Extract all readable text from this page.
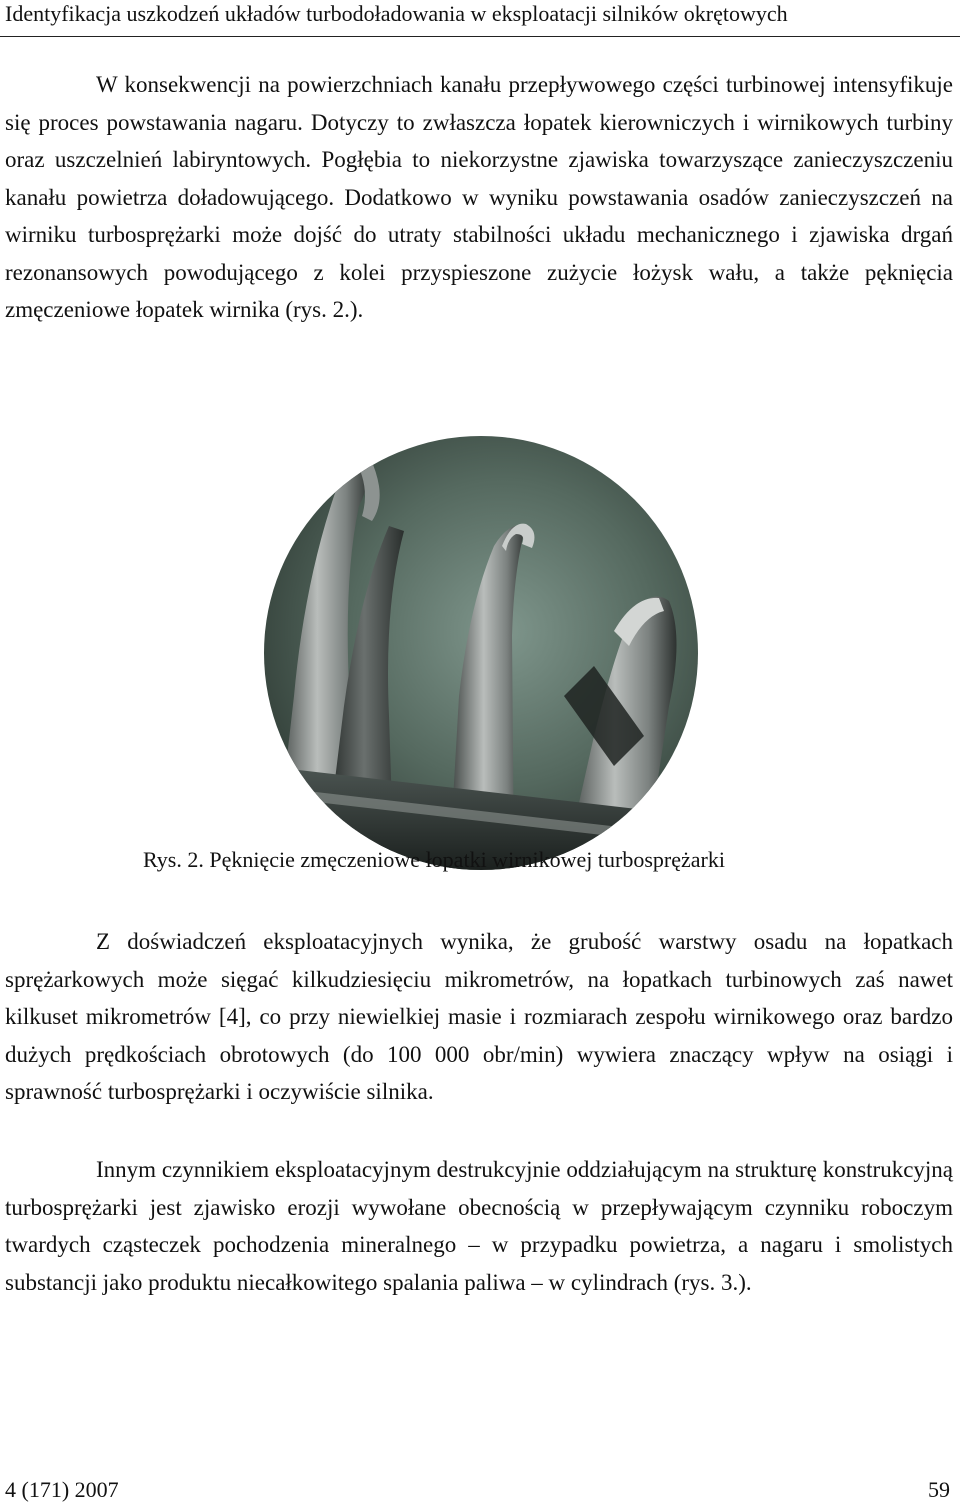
Identyfikacja uszkodzeń układów turbodoładowania w eksploatacji silników okrętowych

W konsekwencji na powierzchniach kanału przepływowego części turbinowej intensyfikuje się proces powstawania nagaru. Dotyczy to zwłaszcza łopatek kierowniczych i wirnikowych turbiny oraz uszczelnień labiryntowych. Pogłębia to niekorzystne zjawiska towarzyszące zanieczyszczeniu kanału powietrza doładowującego. Dodatkowo w wyniku powstawania osadów zanieczyszczeń na wirniku turbosprężarki może dojść do utraty stabilności układu mechanicznego i zjawiska drgań rezonansowych powodującego z kolei przyspieszone zużycie łożysk wału, a także pęknięcia zmęczeniowe łopatek wirnika (rys. 2.).

Rys. 2. Pęknięcie zmęczeniowe łopatki wirnikowej turbosprężarki

Z doświadczeń eksploatacyjnych wynika, że grubość warstwy osadu na łopatkach sprężarkowych może sięgać kilkudziesięciu mikrometrów, na łopatkach turbinowych zaś nawet kilkuset mikrometrów [4], co przy niewielkiej masie i rozmiarach zespołu wirnikowego oraz bardzo dużych prędkościach obrotowych (do 100 000 obr/min) wywiera znaczący wpływ na osiągi i sprawność turbosprężarki i oczywiście silnika.

Innym czynnikiem eksploatacyjnym destrukcyjnie oddziałującym na strukturę konstrukcyjną turbosprężarki jest zjawisko erozji wywołane obecnością w przepływającym czynniku roboczym twardych cząsteczek pochodzenia mineralnego – w przypadku powietrza, a nagaru i smolistych substancji jako produktu niecałkowitego spalania paliwa – w cylindrach (rys. 3.).

4 (171) 2007	59
